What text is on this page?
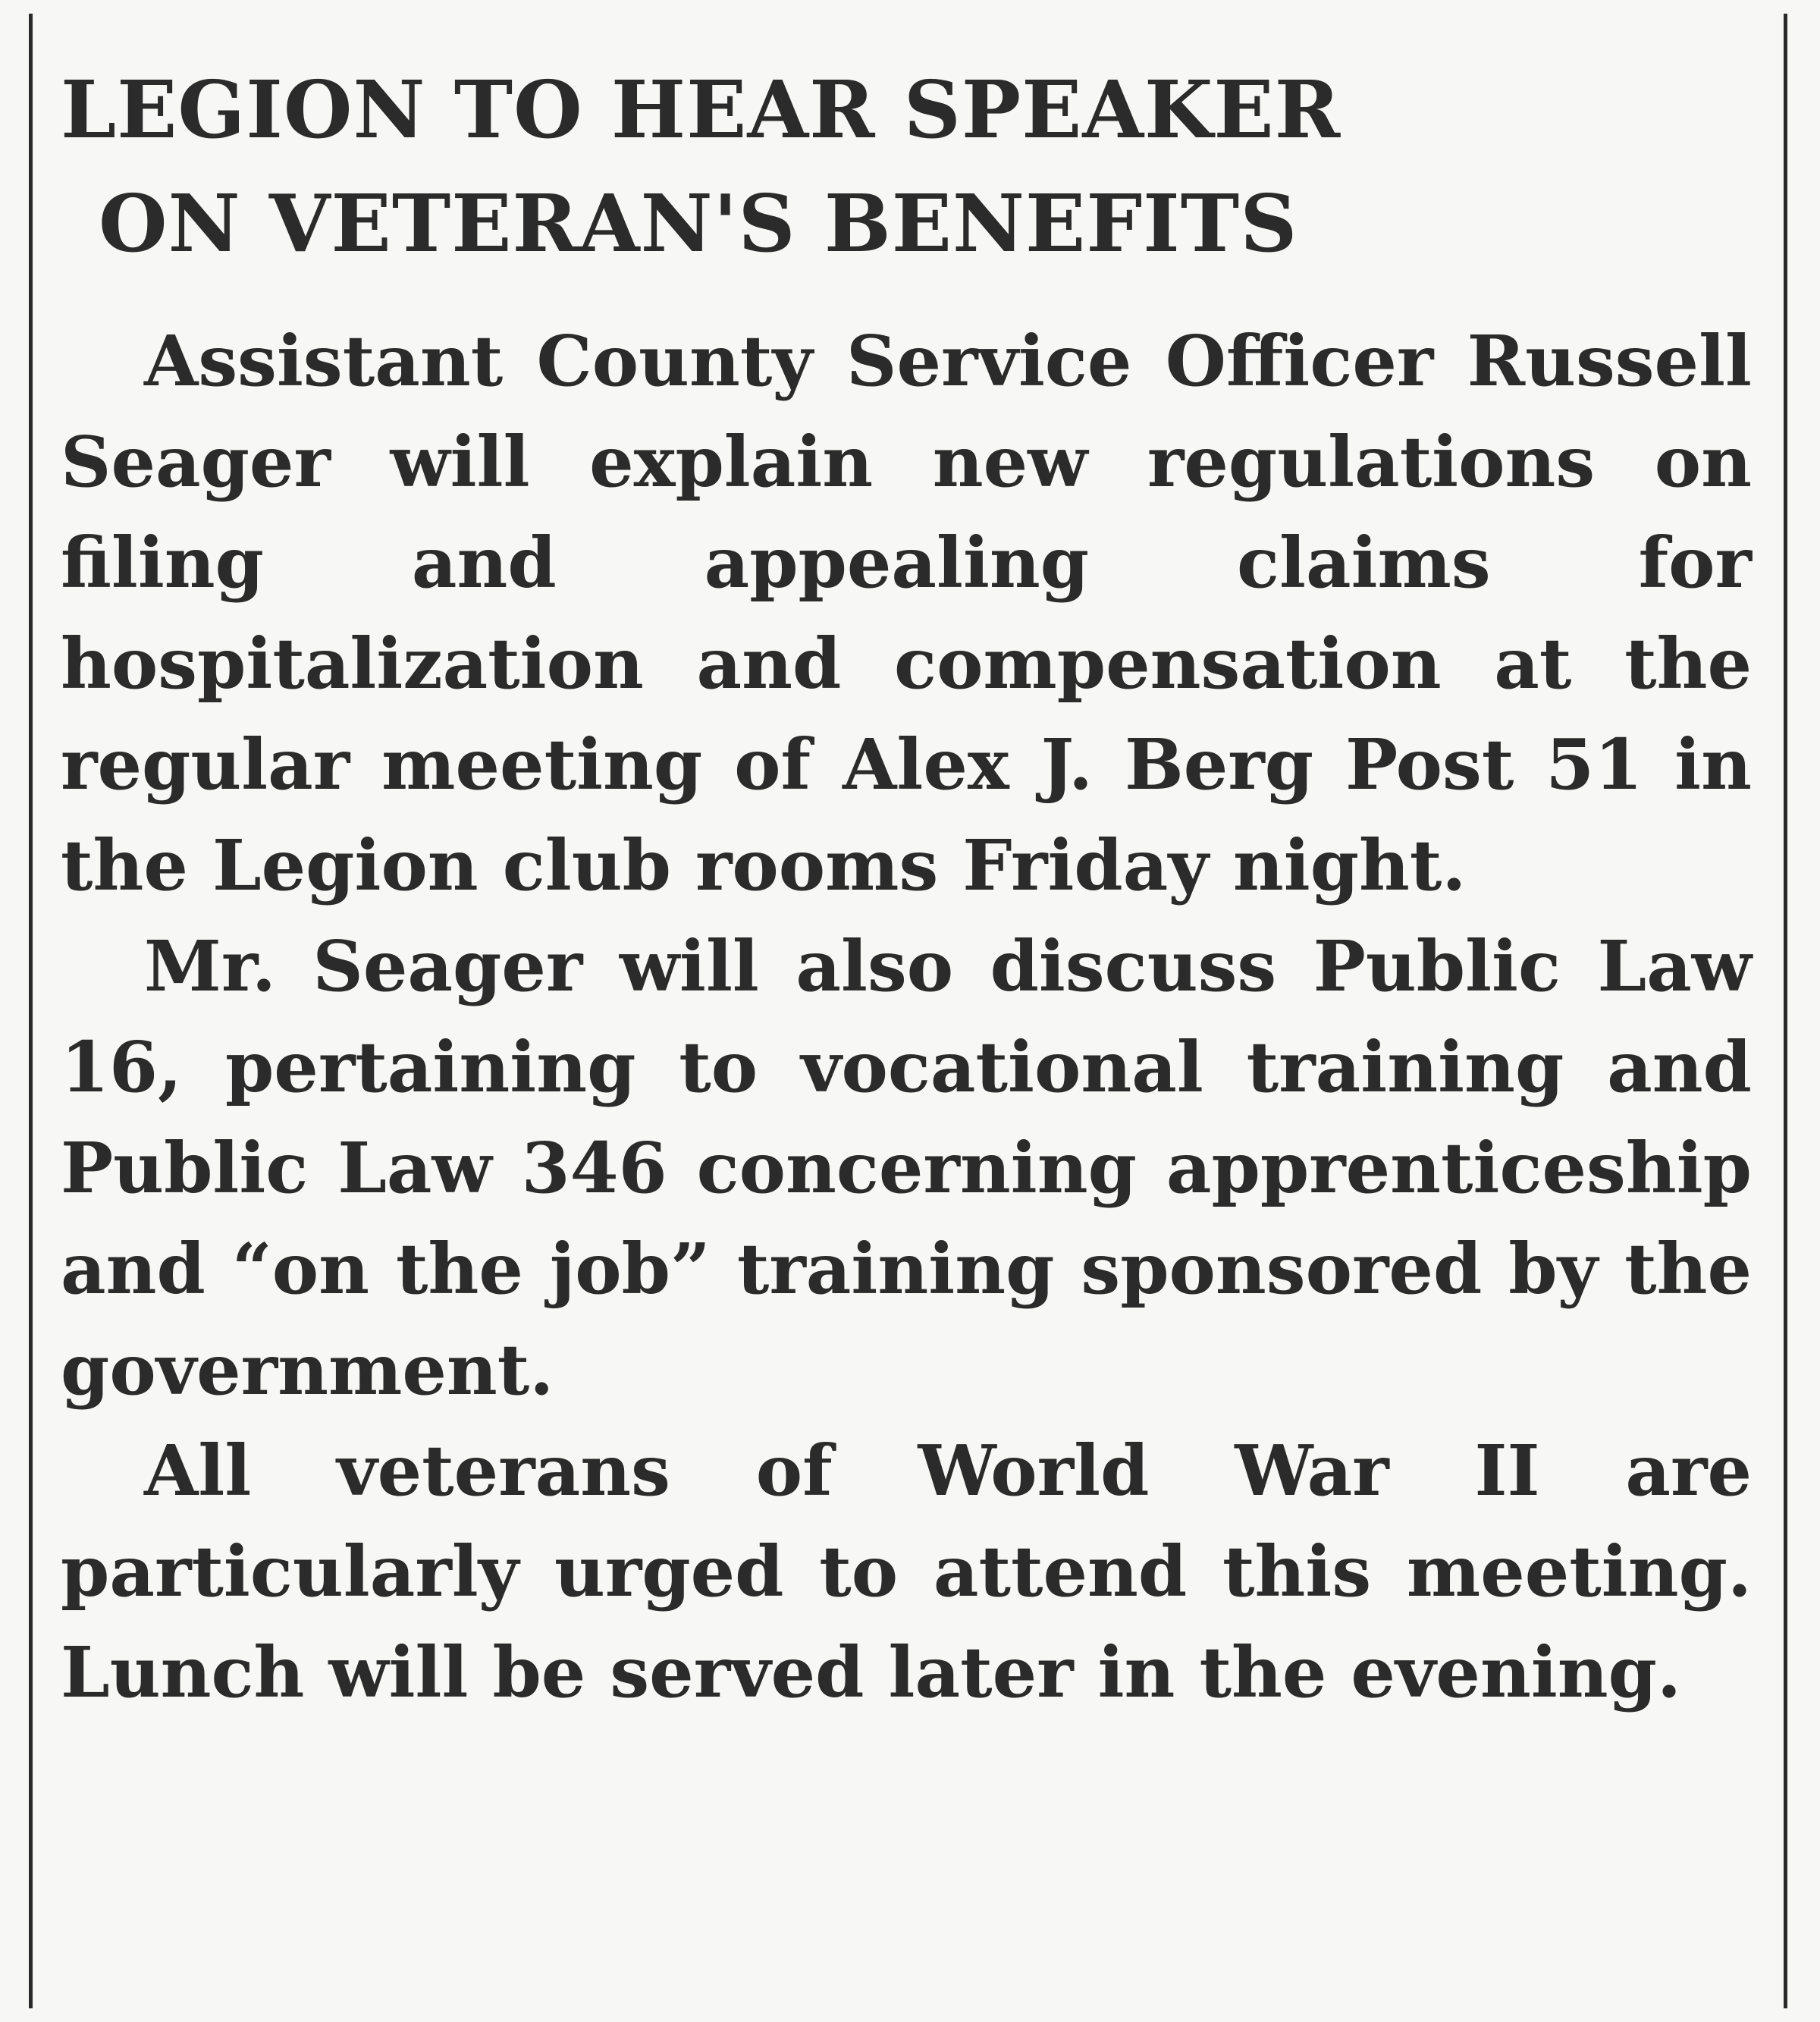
LEGION TO HEAR SPEAKER
ON VETERAN'S BENEFITS

Assistant County Service Officer Russell Seager will explain new regulations on filing and appealing claims for hospitalization and compensation at the regular meeting of Alex J. Berg Post 51 in the Legion club rooms Friday night.

Mr. Seager will also discuss Public Law 16, pertaining to vocational training and Public Law 346 concerning apprenticeship and “on the job” training sponsored by the government.

All veterans of World War II are particularly urged to attend this meeting. Lunch will be served later in the evening.
